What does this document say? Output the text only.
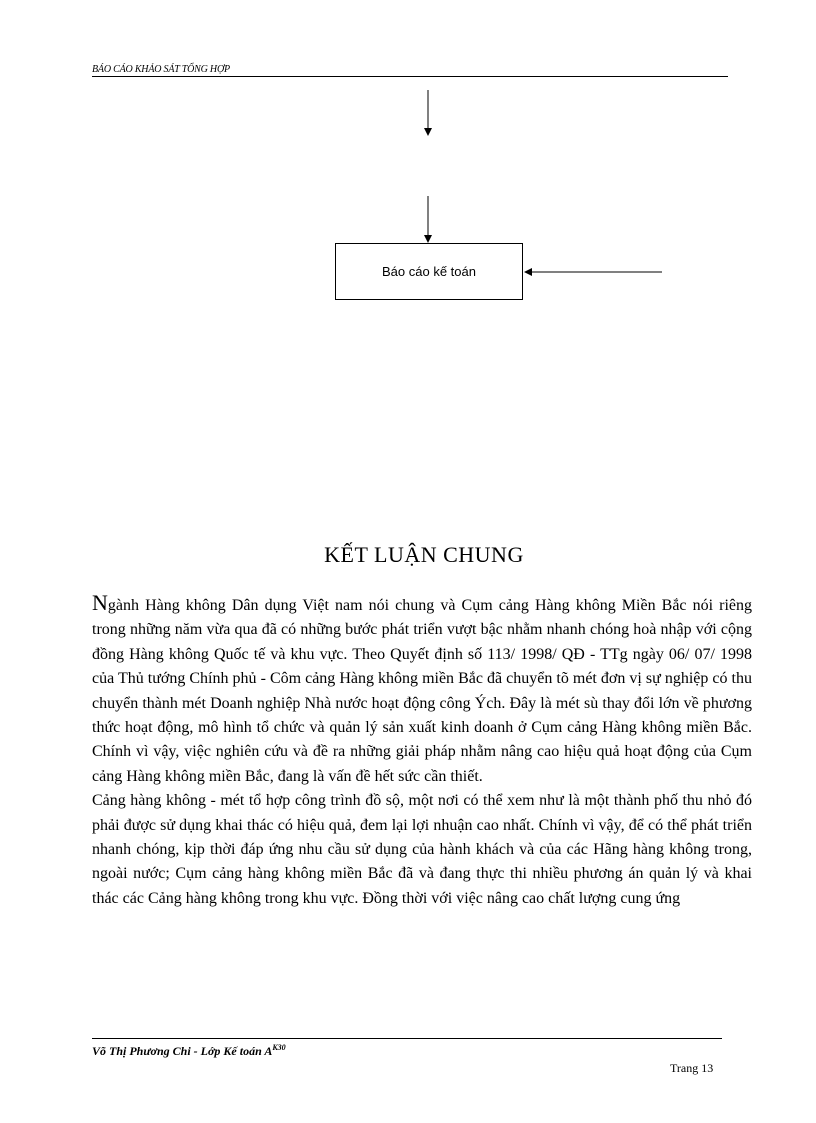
BÁO CÁO KHẢO SÁT TỔNG HỢP
Báo cáo kế toán
KẾT LUẬN CHUNG

Ngành Hàng không Dân dụng Việt nam nói chung và Cụm cảng Hàng không Miền Bắc nói riêng trong những năm vừa qua đã có những bước phát triển vượt bậc nhằm nhanh chóng hoà nhập với cộng đồng Hàng không Quốc tế và khu vực. Theo Quyết định số 113/ 1998/ QĐ - TTg ngày 06/ 07/ 1998 của Thủ tướng Chính phủ - Côm cảng Hàng không miền Bắc đã chuyển tõ mét đơn vị sự nghiệp có thu chuyển thành mét Doanh nghiệp Nhà nước hoạt động công Ých. Đây là mét sù thay đổi lớn về phương thức hoạt động, mô hình tổ chức và quản lý sản xuất kinh doanh ở Cụm cảng Hàng không miền Bắc. Chính vì vậy, việc nghiên cứu và đề ra những giải pháp nhằm nâng cao hiệu quả hoạt động của Cụm cảng Hàng không miền Bắc, đang là vấn đề hết sức cần thiết.

Cảng hàng không - mét tổ hợp công trình đồ sộ, một nơi có thể xem như là một thành phố thu nhỏ đó phải được sử dụng khai thác có hiệu quả, đem lại lợi nhuận cao nhất. Chính vì vậy, để có thể phát triển nhanh chóng, kịp thời đáp ứng nhu cầu sử dụng của hành khách và của các Hãng hàng không trong, ngoài nước; Cụm cảng hàng không miền Bắc đã và đang thực thi nhiều phương án quản lý và khai thác các Cảng hàng không trong khu vực. Đồng thời với việc nâng cao chất lượng cung ứng

Võ Thị Phương Chi - Lớp Kế toán $A^{K30}$
Trang 13
